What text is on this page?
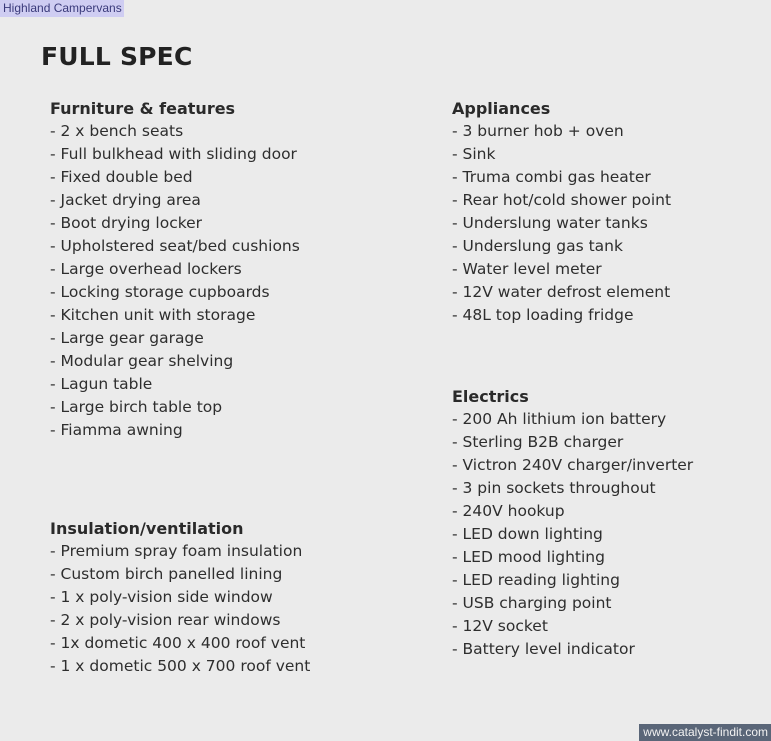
Highland Campervans
FULL SPEC
Furniture & features
- 2 x bench seats
- Full bulkhead with sliding door
- Fixed double bed
- Jacket drying area
- Boot drying locker
- Upholstered seat/bed cushions
- Large overhead lockers
- Locking storage cupboards
- Kitchen unit with storage
- Large gear garage
- Modular gear shelving
- Lagun table
- Large birch table top
- Fiamma awning
Insulation/ventilation
- Premium spray foam insulation
- Custom birch panelled lining
- 1 x poly-vision side window
- 2 x poly-vision rear windows
- 1x dometic 400 x 400 roof vent
- 1 x dometic 500 x 700 roof vent
Appliances
- 3 burner hob + oven
- Sink
- Truma combi gas heater
- Rear hot/cold shower point
- Underslung water tanks
- Underslung gas tank
- Water level meter
- 12V water defrost element
- 48L top loading fridge
Electrics
- 200 Ah lithium ion battery
- Sterling B2B charger
- Victron 240V charger/inverter
- 3 pin sockets throughout
- 240V hookup
- LED down lighting
- LED mood lighting
- LED reading lighting
- USB charging point
- 12V socket
- Battery level indicator
www.catalyst-findit.com
